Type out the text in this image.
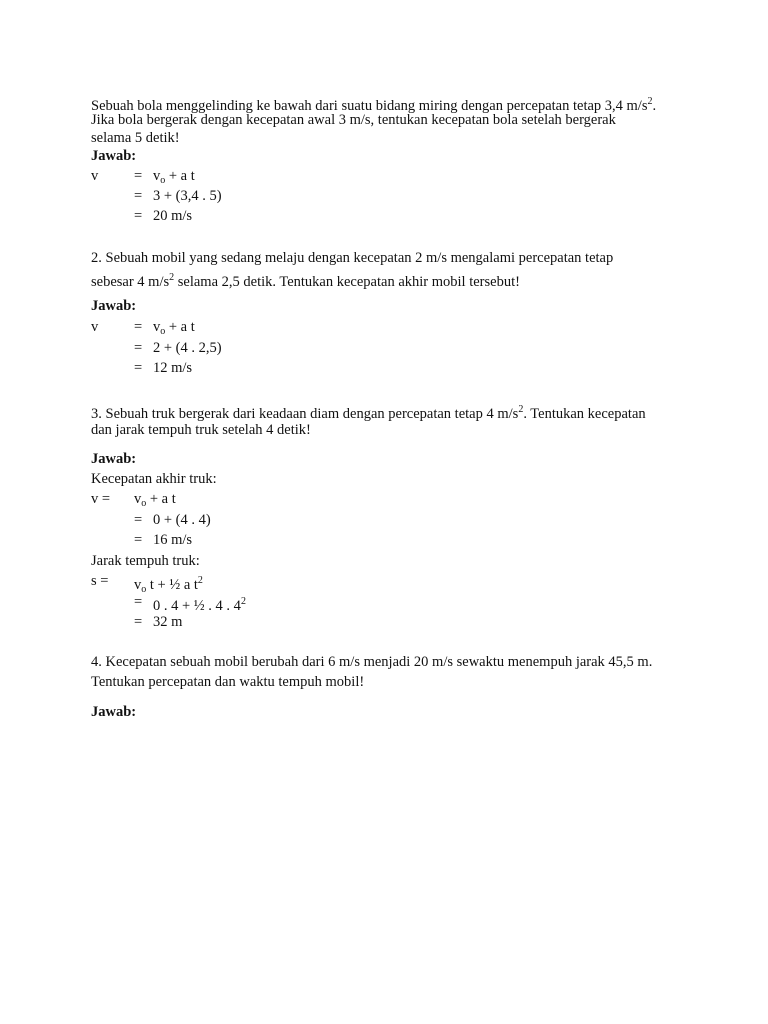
Sebuah bola menggelinding ke bawah dari suatu bidang miring dengan percepatan tetap 3,4 $m/s^2$.
Jika bola bergerak dengan kecepatan awal 3 m/s, tentukan kecepatan bola setelah bergerak
selama 5 detik!
Jawab:
$v = v_o + a$ t
= 3 + (3,4 . 5)
= 20 m/s
2. Sebuah mobil yang sedang melaju dengan kecepatan 2 m/s mengalami percepatan tetap
sebesar 4 $m/s^2$ selama 2,5 detik. Tentukan kecepatan akhir mobil tersebut!
Jawab:
$v = v_o + a$ t
= 2 + (4 . 2,5)
= 12 m/s
3. Sebuah truk bergerak dari keadaan diam dengan percepatan tetap 4 $m/s^2$. Tentukan kecepatan
dan jarak tempuh truk setelah 4 detik!
Jawab:
Kecepatan akhir truk:
$v = v_o + a$ t
= 0 + (4 . 4)
= 16 m/s
Jarak tempuh truk:
$s = v_o$ t + ½ a $t^2$
= 0 . 4 + ½ . 4 . $4^2$
= 32 m
4. Kecepatan sebuah mobil berubah dari 6 m/s menjadi 20 m/s sewaktu menempuh jarak 45,5 m.
Tentukan percepatan dan waktu tempuh mobil!
Jawab:
